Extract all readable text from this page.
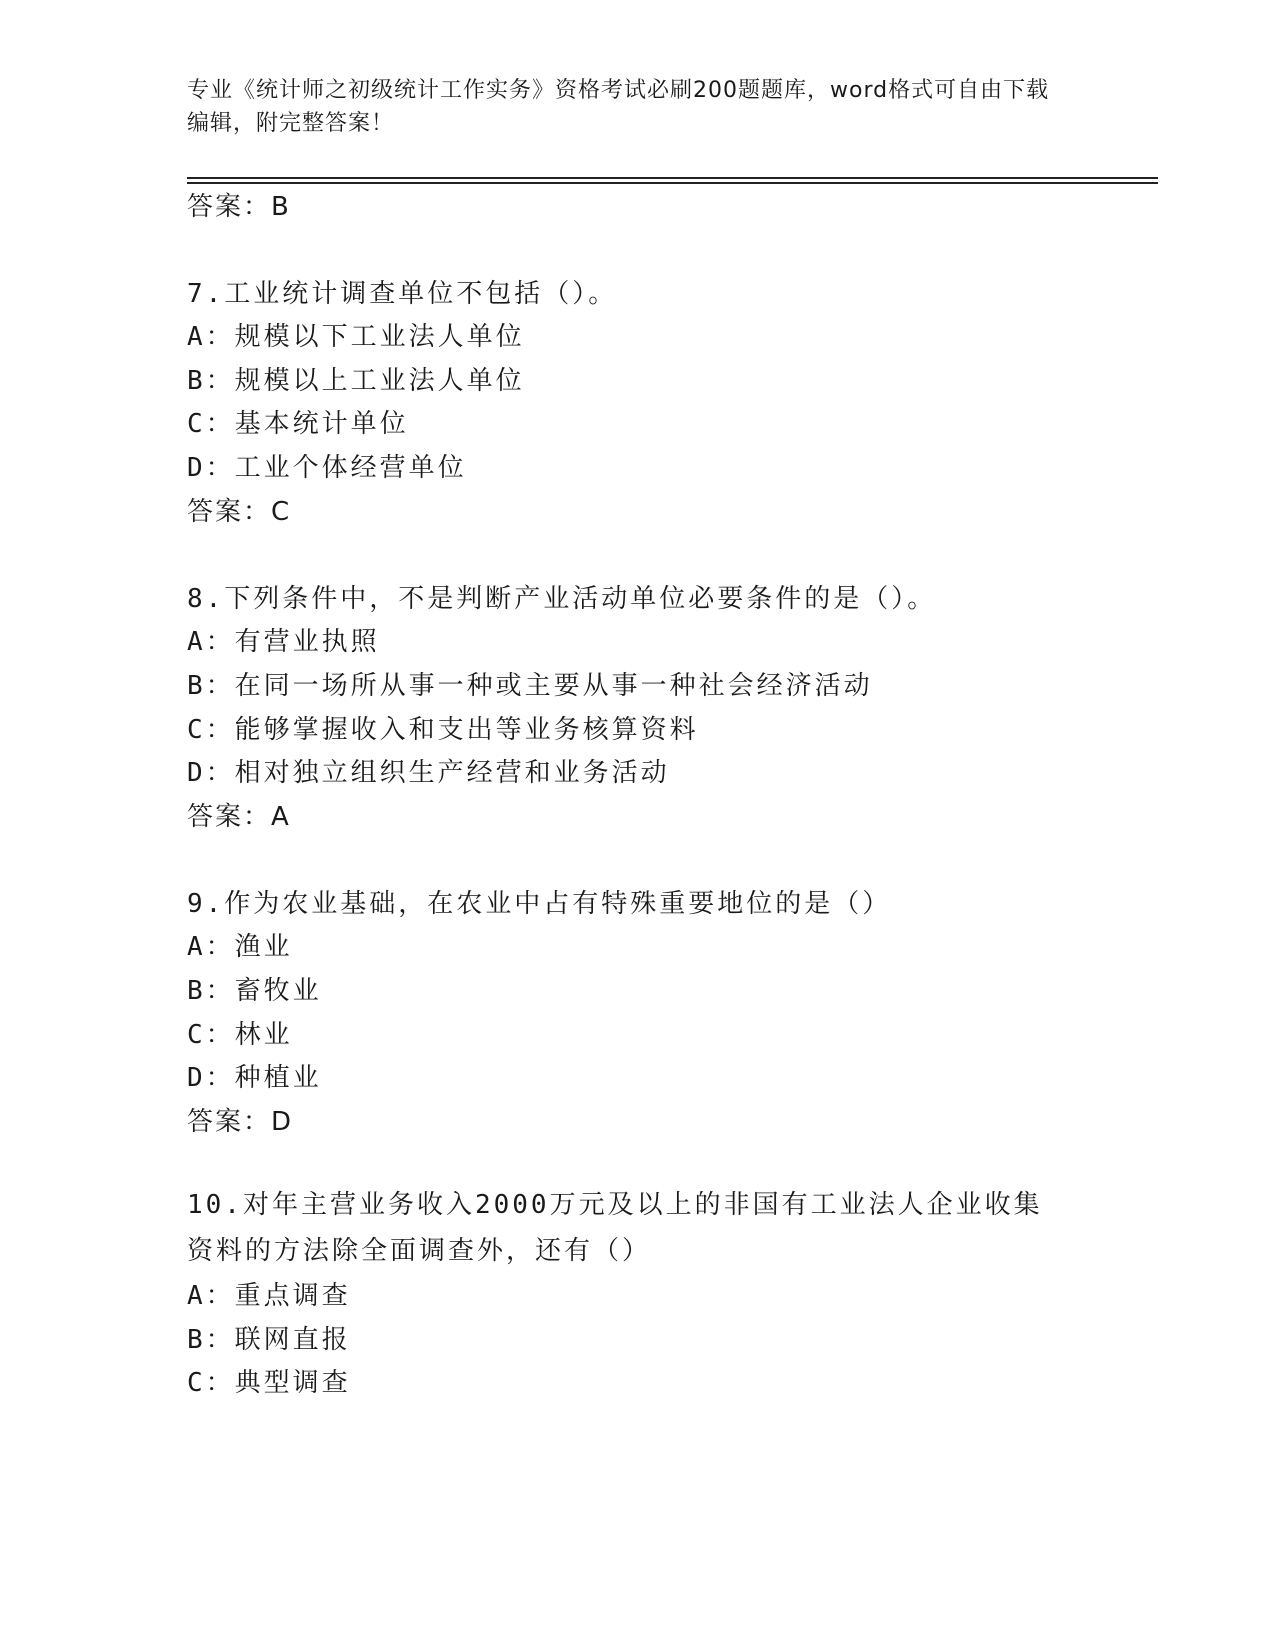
专业《统计师之初级统计工作实务》资格考试必刷200题题库，word格式可自由下载编辑，附完整答案！

答案：B

7.工业统计调查单位不包括（）。

A：规模以下工业法人单位

B：规模以上工业法人单位

C：基本统计单位

D：工业个体经营单位

答案：C

8.下列条件中，不是判断产业活动单位必要条件的是（）。

A：有营业执照

B：在同一场所从事一种或主要从事一种社会经济活动

C：能够掌握收入和支出等业务核算资料

D：相对独立组织生产经营和业务活动

答案：A

9.作为农业基础，在农业中占有特殊重要地位的是（）

A：渔业

B：畜牧业

C：林业

D：种植业

答案：D

10.对年主营业务收入2000万元及以上的非国有工业法人企业收集资料的方法除全面调查外，还有（）

A：重点调查

B：联网直报

C：典型调查
